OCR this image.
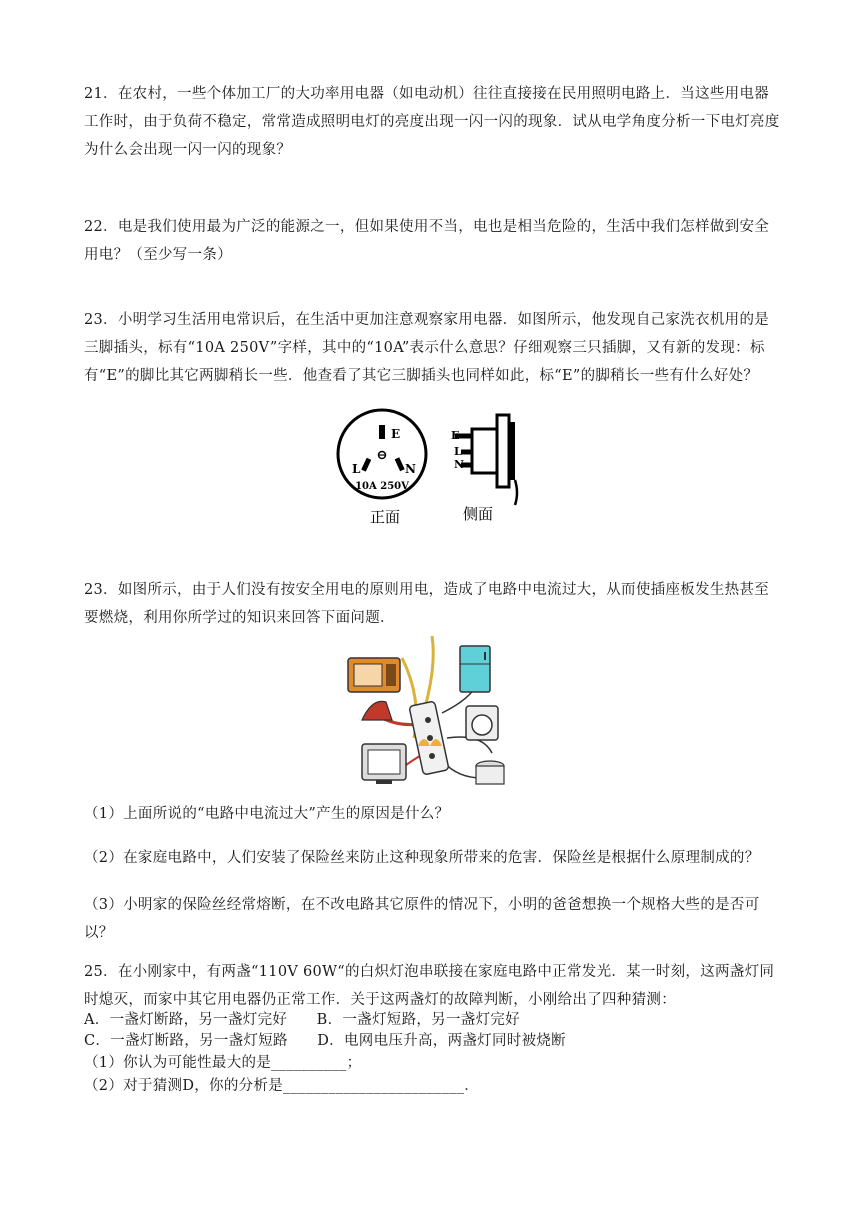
21．在农村，一些个体加工厂的大功率用电器（如电动机）往往直接接在民用照明电路上．当这些用电器工作时，由于负荷不稳定，常常造成照明电灯的亮度出现一闪一闪的现象．试从电学角度分析一下电灯亮度为什么会出现一闪一闪的现象？

22．电是我们使用最为广泛的能源之一，但如果使用不当，电也是相当危险的，生活中我们怎样做到安全用电？（至少写一条）

23．小明学习生活用电常识后，在生活中更加注意观察家用电器．如图所示，他发现自己家洗衣机用的是三脚插头，标有“10A 250V”字样，其中的“10A”表示什么意思？仔细观察三只插脚，又有新的发现：标有“E”的脚比其它两脚稍长一些．他查看了其它三脚插头也同样如此，标“E”的脚稍长一些有什么好处？

E
L	N
10A 250V
正面
E
L
N
侧面

23．如图所示，由于人们没有按安全用电的原则用电，造成了电路中电流过大，从而使插座板发生热甚至要燃烧，利用你所学过的知识来回答下面问题．

（1）上面所说的“电路中电流过大”产生的原因是什么？

（2）在家庭电路中，人们安装了保险丝来防止这种现象所带来的危害．保险丝是根据什么原理制成的？

（3）小明家的保险丝经常熔断，在不改电路其它原件的情况下，小明的爸爸想换一个规格大些的是否可以？

25．在小刚家中，有两盏“110V 60W“的白炽灯泡串联接在家庭电路中正常发光．某一时刻，这两盏灯同时熄灭，而家中其它用电器仍正常工作．关于这两盏灯的故障判断，小刚给出了四种猜测：

A．一盏灯断路，另一盏灯完好      B．一盏灯短路，另一盏灯完好

C．一盏灯断路，另一盏灯短路      D．电网电压升高，两盏灯同时被烧断

（1）你认为可能性最大的是__________；

（2）对于猜测D，你的分析是________________________．
